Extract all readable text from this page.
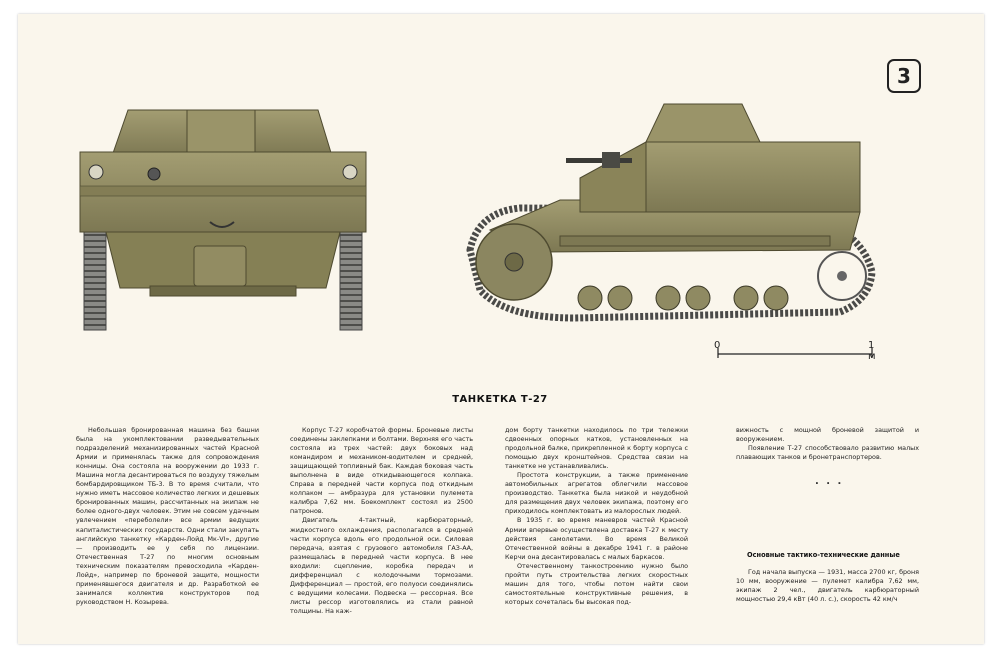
3
0	1 м
ТАНКЕТКА Т-27

Небольшая бронированная машина без башни была на укомплектовании разведывательных подразделений механизированных частей Красной Армии и применялась также для сопровождения конницы. Она состояла на вооружении до 1933 г. Машина могла десантироваться по воздуху тяжелым бомбардировщиком ТБ-3. В то время считали, что нужно иметь массовое количество легких и дешевых бронированных машин, рассчитанных на экипаж не более одного-двух человек. Этим не совсем удачным увлечением «переболели» все армии ведущих капиталистических государств. Одни стали закупать английскую танкетку «Карден-Лойд Мк-VI», другие — производить ее у себя по лицензии. Отечественная Т-27 по многим основным техническим показателям превосходила «Карден-Лойд», например по броневой защите, мощности применявшегося двигателя и др. Разработкой ее занимался коллектив конструкторов под руководством Н. Козырева.

Корпус Т-27 коробчатой формы. Броневые листы соединены заклепками и болтами. Верхняя его часть состояла из трех частей: двух боковых над командиром и механиком-водителем и средней, защищающей топливный бак. Каждая боковая часть выполнена в виде откидывающегося колпака. Справа в передней части корпуса под откидным колпаком — амбразура для установки пулемета калибра 7,62 мм. Боекомплект состоял из 2500 патронов.

Двигатель 4-тактный, карбюраторный, жидкостного охлаждения, располагался в средней части корпуса вдоль его продольной оси. Силовая передача, взятая с грузового автомобиля ГАЗ-АА, размещалась в передней части корпуса. В нее входили: сцепление, коробка передач и дифференциал с колодочными тормозами. Дифференциал — простой, его полуоси соединялись с ведущими колесами. Подвеска — рессорная. Все листы рессор изготовлялись из стали равной толщины. На каж-

дом борту танкетки находилось по три тележки сдвоенных опорных катков, установленных на продольной балке, прикрепленной к борту корпуса с помощью двух кронштейнов. Средства связи на танкетке не устанавливались.

Простота конструкции, а также применение автомобильных агрегатов облегчили массовое производство. Танкетка была низкой и неудобной для размещения двух человек экипажа, поэтому его приходилось комплектовать из малорослых людей.

В 1935 г. во время маневров частей Красной Армии впервые осуществлена доставка Т-27 к месту действия самолетами. Во время Великой Отечественной войны в декабре 1941 г. в районе Керчи она десантировалась с малых баркасов.

Отечественному танкостроению нужно было пройти путь строительства легких скоростных машин для того, чтобы потом найти свои самостоятельные конструктивные решения, в которых сочеталась бы высокая под-

вижность с мощной броневой защитой и вооружением.

Появление Т-27 способствовало развитию малых плавающих танков и бронетранспортеров.

. . .
Основные тактико-технические данные

Год начала выпуска — 1931, масса 2700 кг, броня 10 мм, вооружение — пулемет калибра 7,62 мм, экипаж 2 чел., двигатель карбюраторный мощностью 29,4 кВт (40 л. с.), скорость 42 км/ч
